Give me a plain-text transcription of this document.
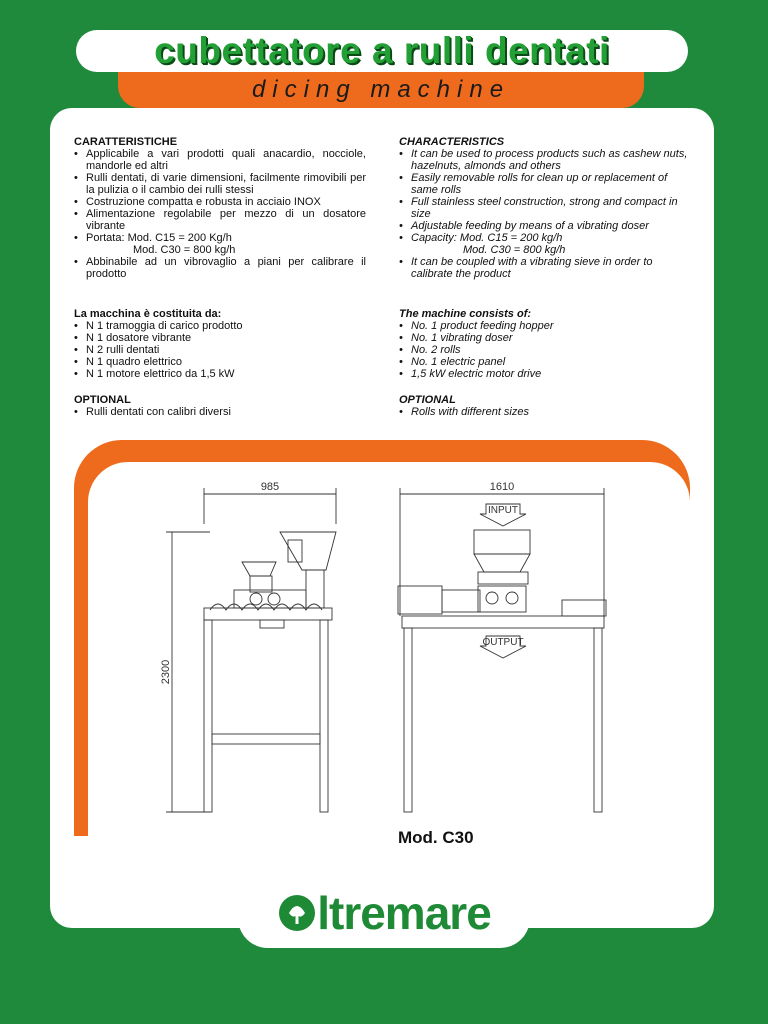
cubettatore a rulli dentati
dicing machine
CARATTERISTICHE
• Applicabile a vari prodotti quali anacardio, nocciole, mandorle ed altri
• Rulli dentati, di varie dimensioni, facilmente rimovibili per la pulizia o il cambio dei rulli stessi
• Costruzione compatta e robusta in acciaio INOX
• Alimentazione regolabile per mezzo di un dosatore vibrante
• Portata: Mod. C15 = 200 Kg/h
Mod. C30 = 800 kg/h
• Abbinabile ad un vibrovaglio a piani per calibrare il prodotto
La macchina è costituita da:
• N 1 tramoggia di carico prodotto
• N 1 dosatore vibrante
• N 2 rulli dentati
• N 1 quadro elettrico
• N 1 motore elettrico da 1,5 kW
OPTIONAL
• Rulli dentati con calibri diversi
CHARACTERISTICS
• It can be used to process products such as cashew nuts, hazelnuts, almonds and others
• Easily removable rolls for clean up or replacement of same rolls
• Full stainless steel construction, strong and compact in size
• Adjustable feeding by means of a vibrating doser
• Capacity: Mod. C15 = 200 kg/h
Mod. C30 = 800 kg/h
• It can be coupled with a vibrating sieve in order to calibrate the product
The machine consists of:
• No. 1 product feeding hopper
• No. 1 vibrating doser
• No. 2 rolls
• No. 1 electric panel
• 1,5 kW electric motor drive
OPTIONAL
• Rolls with different sizes
985
2300
1610
INPUT
OUTPUT
Mod. C30
ltremare
